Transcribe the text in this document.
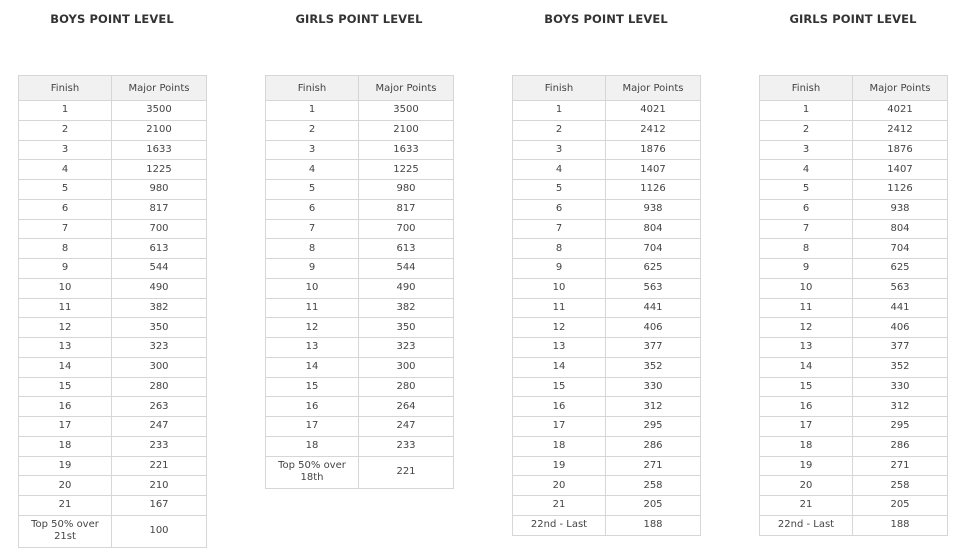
BOYS POINT LEVEL
Finish	Major Points
1	3500
2	2100
3	1633
4	1225
5	980
6	817
7	700
8	613
9	544
10	490
11	382
12	350
13	323
14	300
15	280
16	263
17	247
18	233
19	221
20	210
21	167
Top 50% over 21st	100
GIRLS POINT LEVEL
Finish	Major Points
1	3500
2	2100
3	1633
4	1225
5	980
6	817
7	700
8	613
9	544
10	490
11	382
12	350
13	323
14	300
15	280
16	264
17	247
18	233
Top 50% over 18th	221
BOYS POINT LEVEL
Finish	Major Points
1	4021
2	2412
3	1876
4	1407
5	1126
6	938
7	804
8	704
9	625
10	563
11	441
12	406
13	377
14	352
15	330
16	312
17	295
18	286
19	271
20	258
21	205
22nd - Last	188
GIRLS POINT LEVEL
Finish	Major Points
1	4021
2	2412
3	1876
4	1407
5	1126
6	938
7	804
8	704
9	625
10	563
11	441
12	406
13	377
14	352
15	330
16	312
17	295
18	286
19	271
20	258
21	205
22nd - Last	188
